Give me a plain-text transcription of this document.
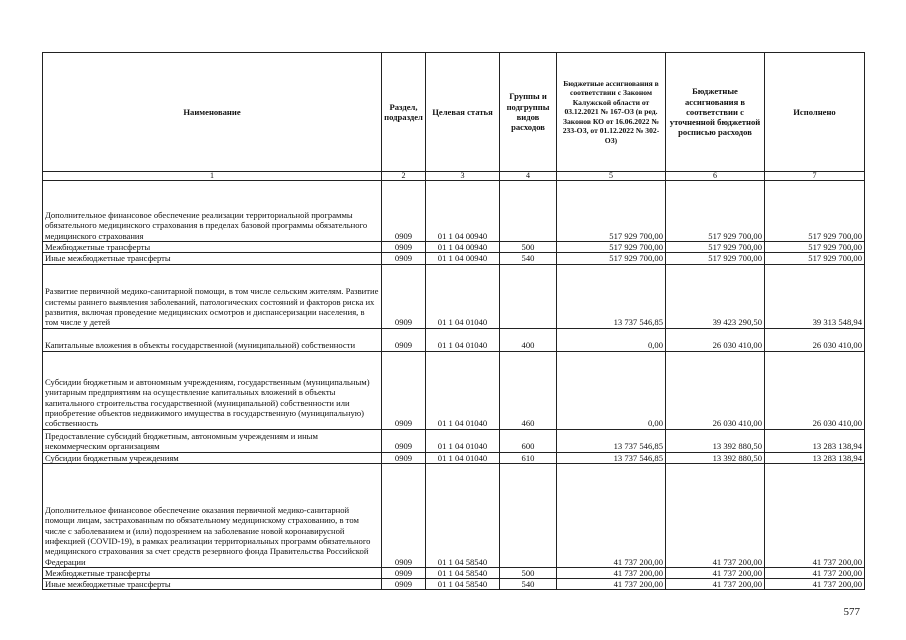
Наименование	Раздел, подраздел	Целевая статья	Группы и подгруппы видов расходов	Бюджетные ассигнования в соответствии с Законом Калужской области от 03.12.2021 № 167-ОЗ (в ред. Законов КО от 16.06.2022 № 233-ОЗ, от 01.12.2022 № 302-ОЗ)	Бюджетные ассигнования в соответствии с уточненной бюджетной росписью расходов	Исполнено
1	2	3	4	5	6	7
Дополнительное финансовое обеспечение реализации территориальной программы обязательного медицинского страхования в пределах базовой программы обязательного медицинского страхования	0909	01 1 04 00940		517 929 700,00	517 929 700,00	517 929 700,00
Межбюджетные трансферты	0909	01 1 04 00940	500	517 929 700,00	517 929 700,00	517 929 700,00
Иные межбюджетные трансферты	0909	01 1 04 00940	540	517 929 700,00	517 929 700,00	517 929 700,00
Развитие первичной медико-санитарной помощи, в том числе сельским жителям. Развитие системы раннего выявления заболеваний, патологических состояний и факторов риска их развития, включая проведение медицинских осмотров и диспансеризации населения, в том числе у детей	0909	01 1 04 01040		13 737 546,85	39 423 290,50	39 313 548,94
Капитальные вложения в объекты государственной (муниципальной) собственности	0909	01 1 04 01040	400	0,00	26 030 410,00	26 030 410,00
Субсидии бюджетным и автономным учреждениям, государственным (муниципальным) унитарным предприятиям на осуществление капитальных вложений в объекты капитального строительства государственной (муниципальной) собственности или приобретение объектов недвижимого имущества в государственную (муниципальную) собственность	0909	01 1 04 01040	460	0,00	26 030 410,00	26 030 410,00
Предоставление субсидий бюджетным, автономным учреждениям и иным некоммерческим организациям	0909	01 1 04 01040	600	13 737 546,85	13 392 880,50	13 283 138,94
Субсидии бюджетным учреждениям	0909	01 1 04 01040	610	13 737 546,85	13 392 880,50	13 283 138,94
Дополнительное финансовое обеспечение оказания первичной медико-санитарной помощи лицам, застрахованным по обязательному медицинскому страхованию, в том числе с заболеванием и (или) подозрением на заболевание новой коронавирусной инфекцией (COVID-19), в рамках реализации территориальных программ обязательного медицинского страхования за счет средств резервного фонда Правительства Российской Федерации	0909	01 1 04 58540		41 737 200,00	41 737 200,00	41 737 200,00
Межбюджетные трансферты	0909	01 1 04 58540	500	41 737 200,00	41 737 200,00	41 737 200,00
Иные межбюджетные трансферты	0909	01 1 04 58540	540	41 737 200,00	41 737 200,00	41 737 200,00
577
